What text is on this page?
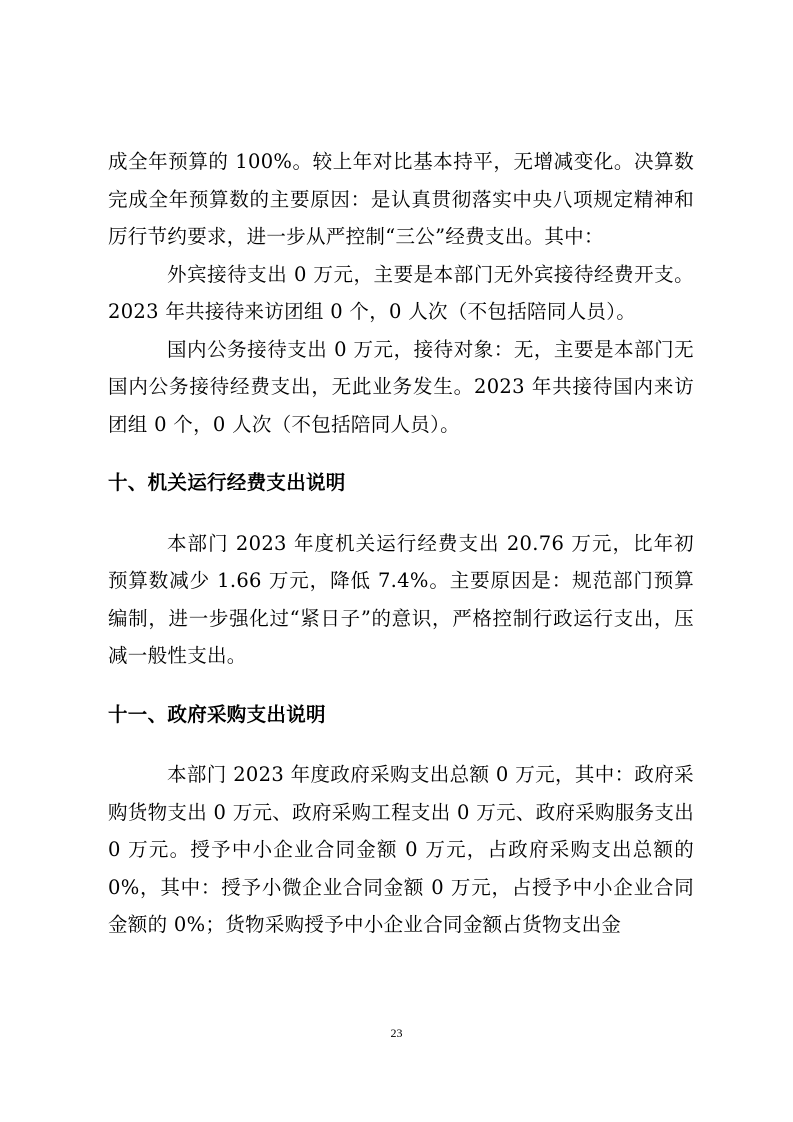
成全年预算的 100%。较上年对比基本持平，无增减变化。决算数完成全年预算数的主要原因：是认真贯彻落实中央八项规定精神和厉行节约要求，进一步从严控制“三公”经费支出。其中：

外宾接待支出 0 万元，主要是本部门无外宾接待经费开支。2023 年共接待来访团组 0 个，0 人次（不包括陪同人员）。

国内公务接待支出 0 万元，接待对象：无，主要是本部门无国内公务接待经费支出，无此业务发生。2023 年共接待国内来访团组 0 个，0 人次（不包括陪同人员）。

十、机关运行经费支出说明

本部门 2023 年度机关运行经费支出 20.76 万元，比年初预算数减少 1.66 万元，降低 7.4%。主要原因是：规范部门预算编制，进一步强化过“紧日子”的意识，严格控制行政运行支出，压减一般性支出。

十一、政府采购支出说明

本部门 2023 年度政府采购支出总额 0 万元，其中：政府采购货物支出 0 万元、政府采购工程支出 0 万元、政府采购服务支出 0 万元。授予中小企业合同金额 0 万元，占政府采购支出总额的 0%，其中：授予小微企业合同金额 0 万元，占授予中小企业合同金额的 0%；货物采购授予中小企业合同金额占货物支出金

23
